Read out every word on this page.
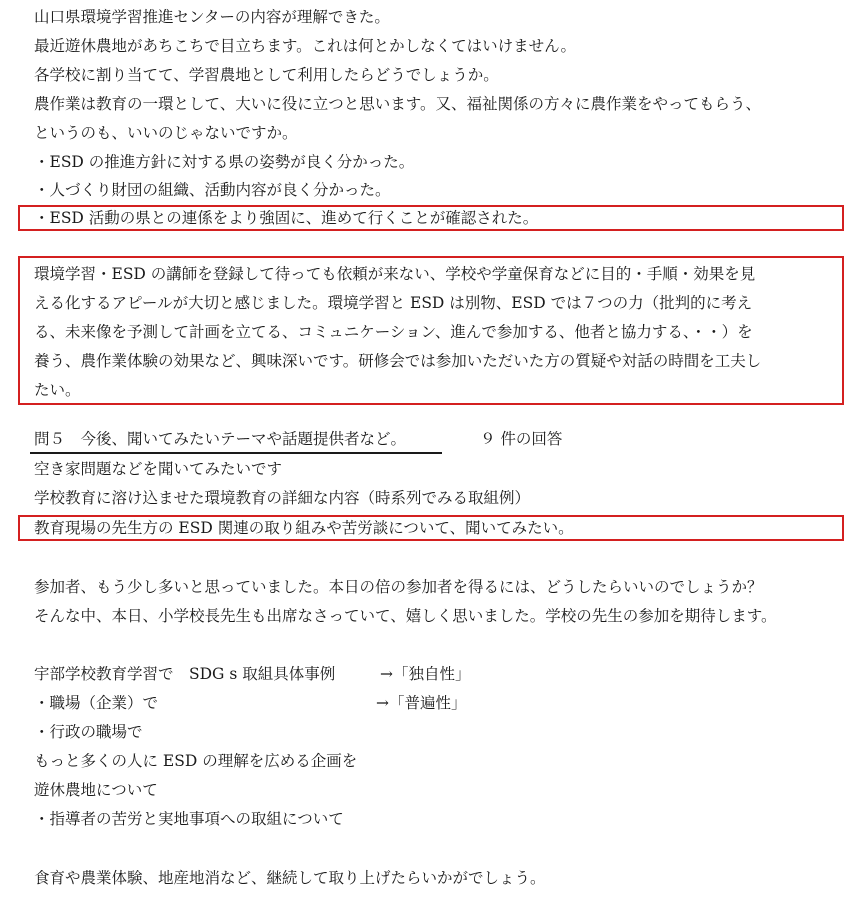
山口県環境学習推進センターの内容が理解できた。
最近遊休農地があちこちで目立ちます。これは何とかしなくてはいけません。
各学校に割り当てて、学習農地として利用したらどうでしょうか。
農作業は教育の一環として、大いに役に立つと思います。又、福祉関係の方々に農作業をやってもらう、
というのも、いいのじゃないですか。
・ESD の推進方針に対する県の姿勢が良く分かった。
・人づくり財団の組織、活動内容が良く分かった。
・ESD 活動の県との連係をより強固に、進めて行くことが確認された。
環境学習・ESD の講師を登録して待っても依頼が来ない、学校や学童保育などに目的・手順・効果を見
える化するアピールが大切と感じました。環境学習と ESD は別物、ESD では７つの力（批判的に考え
る、未来像を予測して計画を立てる、コミュニケーション、進んで参加する、他者と協力する、・・）を
養う、農作業体験の効果など、興味深いです。研修会では参加いただいた方の質疑や対話の時間を工夫し
たい。
問５　今後、聞いてみたいテーマや話題提供者など。	９ 件の回答
空き家問題などを聞いてみたいです
学校教育に溶け込ませた環境教育の詳細な内容（時系列でみる取組例）
教育現場の先生方の ESD 関連の取り組みや苦労談について、聞いてみたい。
参加者、もう少し多いと思っていました。本日の倍の参加者を得るには、どうしたらいいのでしょうか？
そんな中、本日、小学校長先生も出席なさっていて、嬉しく思いました。学校の先生の参加を期待します。
宇部学校教育学習で　SDG s 取組具体事例	→「独自性」
・職場（企業）で	→「普遍性」
・行政の職場で
もっと多くの人に ESD の理解を広める企画を
遊休農地について
・指導者の苦労と実地事項への取組について
食育や農業体験、地産地消など、継続して取り上げたらいかがでしょう。
